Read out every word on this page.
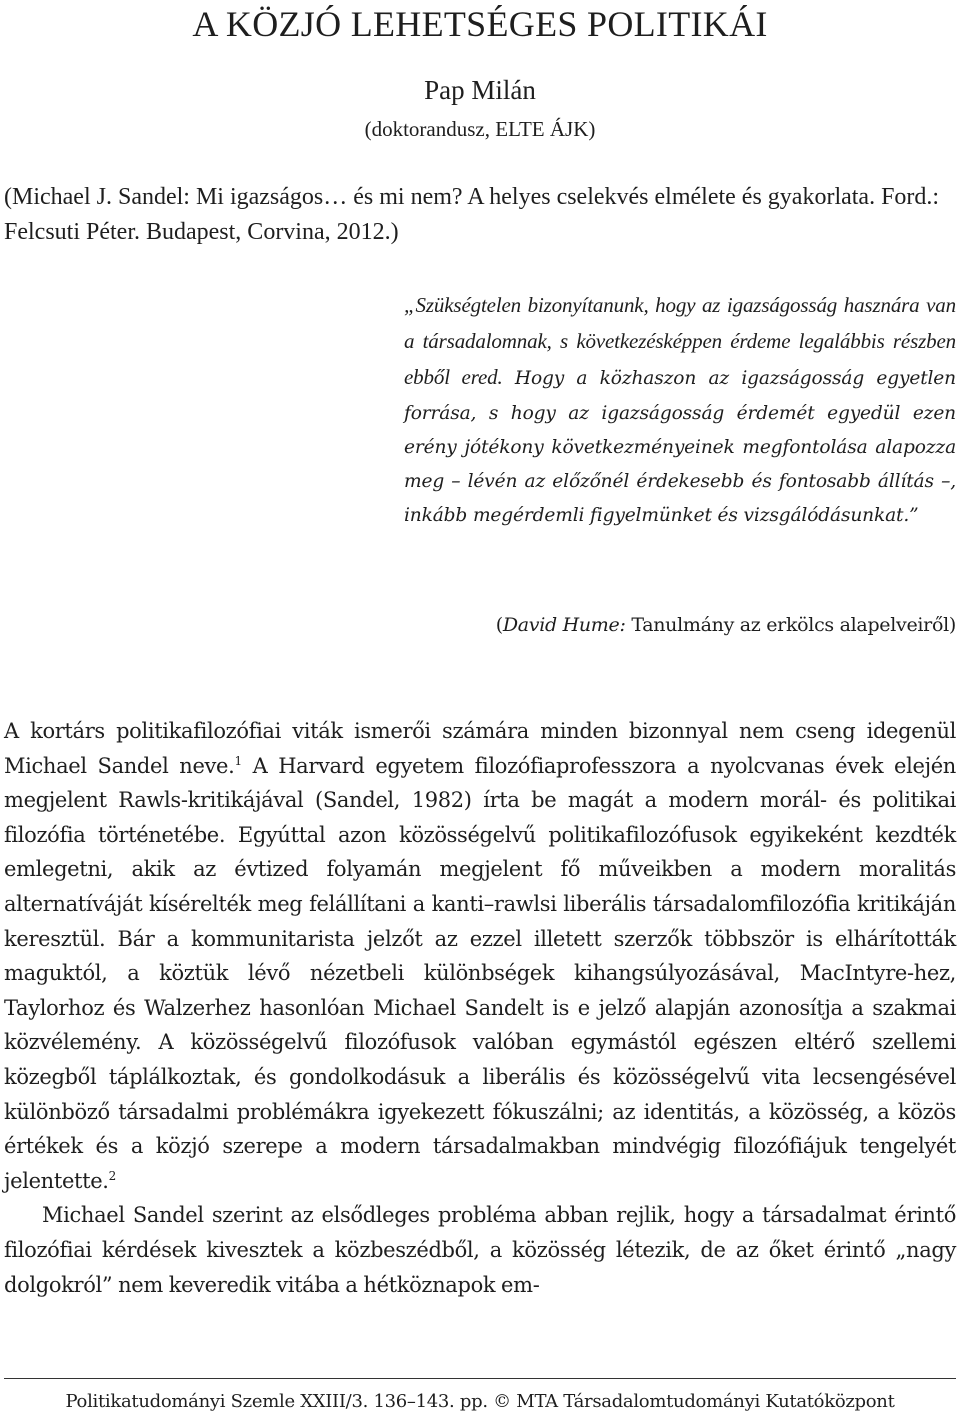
A KÖZJÓ LEHETSÉGES POLITIKÁI
Pap Milán
(doktorandusz, ELTE ÁJK)

(Michael J. Sandel: Mi igazságos… és mi nem? A helyes cselekvés elmélete és gyakorlata. Ford.: Felcsuti Péter. Budapest, Corvina, 2012.)

„Szükségtelen bizonyítanunk, hogy az igazságosság hasznára van a társadalomnak, s következésképpen érdeme legalábbis részben ebből ered. Hogy a közhaszon az igazságosság egyetlen forrása, s hogy az igazságosság érdemét egyedül ezen erény jótékony következményeinek megfontolása alapozza meg – lévén az előzőnél érdekesebb és fontosabb állítás –, inkább megérdemli figyelmünket és vizsgálódásunkat.”

(David Hume: Tanulmány az erkölcs alapelveiről)

A kortárs politikafilozófiai viták ismerői számára minden bizonnyal nem cseng idegenül Michael Sandel neve.$^1$ A Harvard egyetem filozófiaprofesszora a nyolcvanas évek elején megjelent Rawls-kritikájával (Sandel, 1982) írta be magát a modern morál- és politikai filozófia történetébe. Egyúttal azon közösségelvű politikafilozófusok egyikeként kezdték emlegetni, akik az évtized folyamán megjelent fő műveikben a modern moralitás alternatíváját kísérelték meg felállítani a kanti–rawlsi liberális társadalomfilozófia kritikáján keresztül. Bár a kommunitarista jelzőt az ezzel illetett szerzők többször is elhárították maguktól, a köztük lévő nézetbeli különbségek kihangsúlyozásával, MacIntyre-hez, Taylorhoz és Walzerhez hasonlóan Michael Sandelt is e jelző alapján azonosítja a szakmai közvélemény. A közösségelvű filozófusok valóban egymástól egészen eltérő szellemi közegből táplálkoztak, és gondolkodásuk a liberális és közösségelvű vita lecsengésével különböző társadalmi problémákra igyekezett fókuszálni; az identitás, a közösség, a közös értékek és a közjó szerepe a modern társadalmakban mindvégig filozófiájuk tengelyét jelentette.$^2$

Michael Sandel szerint az elsődleges probléma abban rejlik, hogy a társadalmat érintő filozófiai kérdések kivesztek a közbeszédből, a közösség létezik, de az őket érintő „nagy dolgokról” nem keveredik vitába a hétköznapok em-

Politikatudományi Szemle XXIII/3. 136–143. pp. © MTA Társadalomtudományi Kutatóközpont
